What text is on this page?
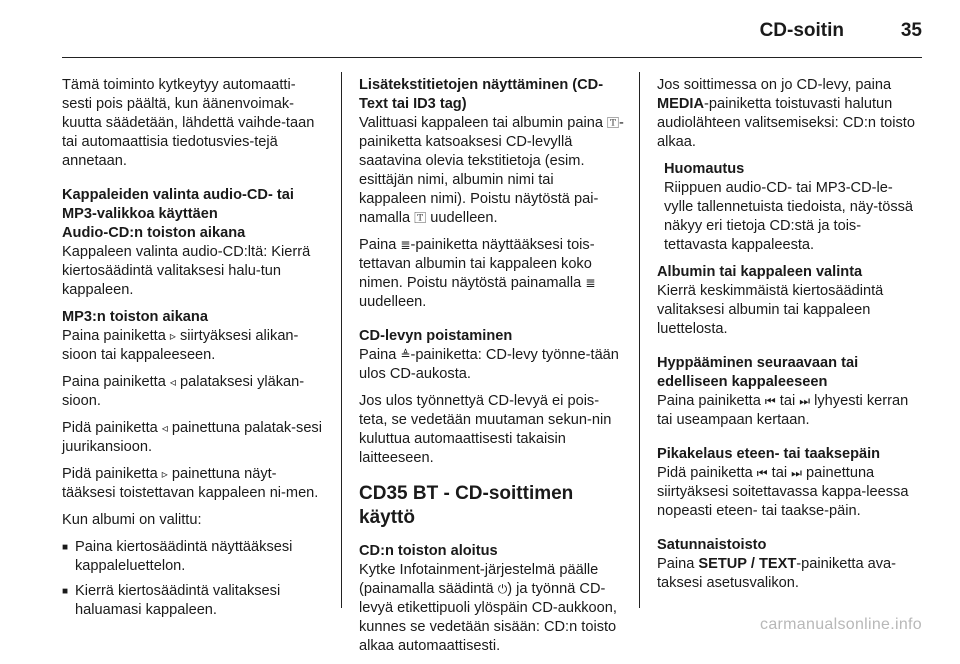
CD-soitin	35

Tämä toiminto kytkeytyy automaatti-sesti pois päältä, kun äänenvoimak-kuutta säädetään, lähdettä vaihde-taan tai automaattisia tiedotusvies-tejä annetaan.

Kappaleiden valinta audio-CD- tai MP3-valikkoa käyttäen
Audio-CD:n toiston aikana

Kappaleen valinta audio-CD:ltä: Kierrä kiertosäädintä valitaksesi halu-tun kappaleen.

MP3:n toiston aikana

Paina painiketta ▹ siirtyäksesi alikan-sioon tai kappaleeseen.

Paina painiketta ◃ palataksesi yläkan-sioon.

Pidä painiketta ◃ painettuna palatak-sesi juurikansioon.

Pidä painiketta ▹ painettuna näyt-tääksesi toistettavan kappaleen ni-men.

Kun albumi on valittu:

■ Paina kiertosäädintä näyttääksesi kappaleluettelon.
■ Kierrä kiertosäädintä valitaksesi haluamasi kappaleen.
Lisätekstitietojen näyttäminen (CD-Text tai ID3 tag)

Valittuasi kappaleen tai albumin paina 🅃-painiketta katsoaksesi CD-levyllä saatavina olevia tekstitietoja (esim. esittäjän nimi, albumin nimi tai kappaleen nimi). Poistu näytöstä pai-namalla 🅃 uudelleen.

Paina ≣-painiketta näyttääksesi tois-tettavan albumin tai kappaleen koko nimen. Poistu näytöstä painamalla ≣ uudelleen.

CD-levyn poistaminen

Paina ≜-painiketta: CD-levy työnne-tään ulos CD-aukosta.

Jos ulos työnnettyä CD-levyä ei pois-teta, se vedetään muutaman sekun-nin kuluttua automaattisesti takaisin laitteeseen.

CD35 BT - CD-soittimen käyttö
CD:n toiston aloitus

Kytke Infotainment-järjestelmä päälle (painamalla säädintä ⏻) ja työnnä CD-levyä etikettipuoli ylöspäin CD-aukkoon, kunnes se vedetään sisään: CD:n toisto alkaa automaattisesti.

Jos soittimessa on jo CD-levy, paina MEDIA-painiketta toistuvasti halutun audiolähteen valitsemiseksi: CD:n toisto alkaa.

Huomautus
Riippuen audio-CD- tai MP3-CD-le-vylle tallennetuista tiedoista, näy-tössä näkyy eri tietoja CD:stä ja tois-tettavasta kappaleesta.
Albumin tai kappaleen valinta

Kierrä keskimmäistä kiertosäädintä valitaksesi albumin tai kappaleen luettelosta.

Hyppääminen seuraavaan tai edelliseen kappaleeseen

Paina painiketta ⏮ tai ⏭ lyhyesti kerran tai useampaan kertaan.

Pikakelaus eteen- tai taaksepäin

Pidä painiketta ⏮ tai ⏭ painettuna siirtyäksesi soitettavassa kappa-leessa nopeasti eteen- tai taakse-päin.

Satunnaistoisto

Paina SETUP / TEXT-painiketta ava-taksesi asetusvalikon.

carmanualsonline.info
